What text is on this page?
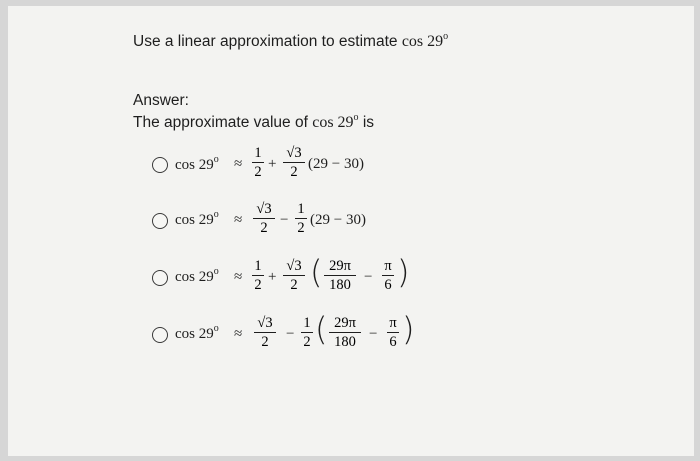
Use a linear approximation to estimate cos 29$^o$
Answer:
The approximate value of cos 29$^o$ is
$\cos 29^o$ ≈
1
2 +
√3
2 (29 − 30)
$\cos 29^o$ ≈
√3
2 −
1
2 (29 − 30)
$\cos 29^o$ ≈
1
2 +
√3
2 ( 29π
180 −
π
6 )
$\cos 29^o$ ≈
√3
2	−
1
2 ( 29π
180 −
π
6 )
